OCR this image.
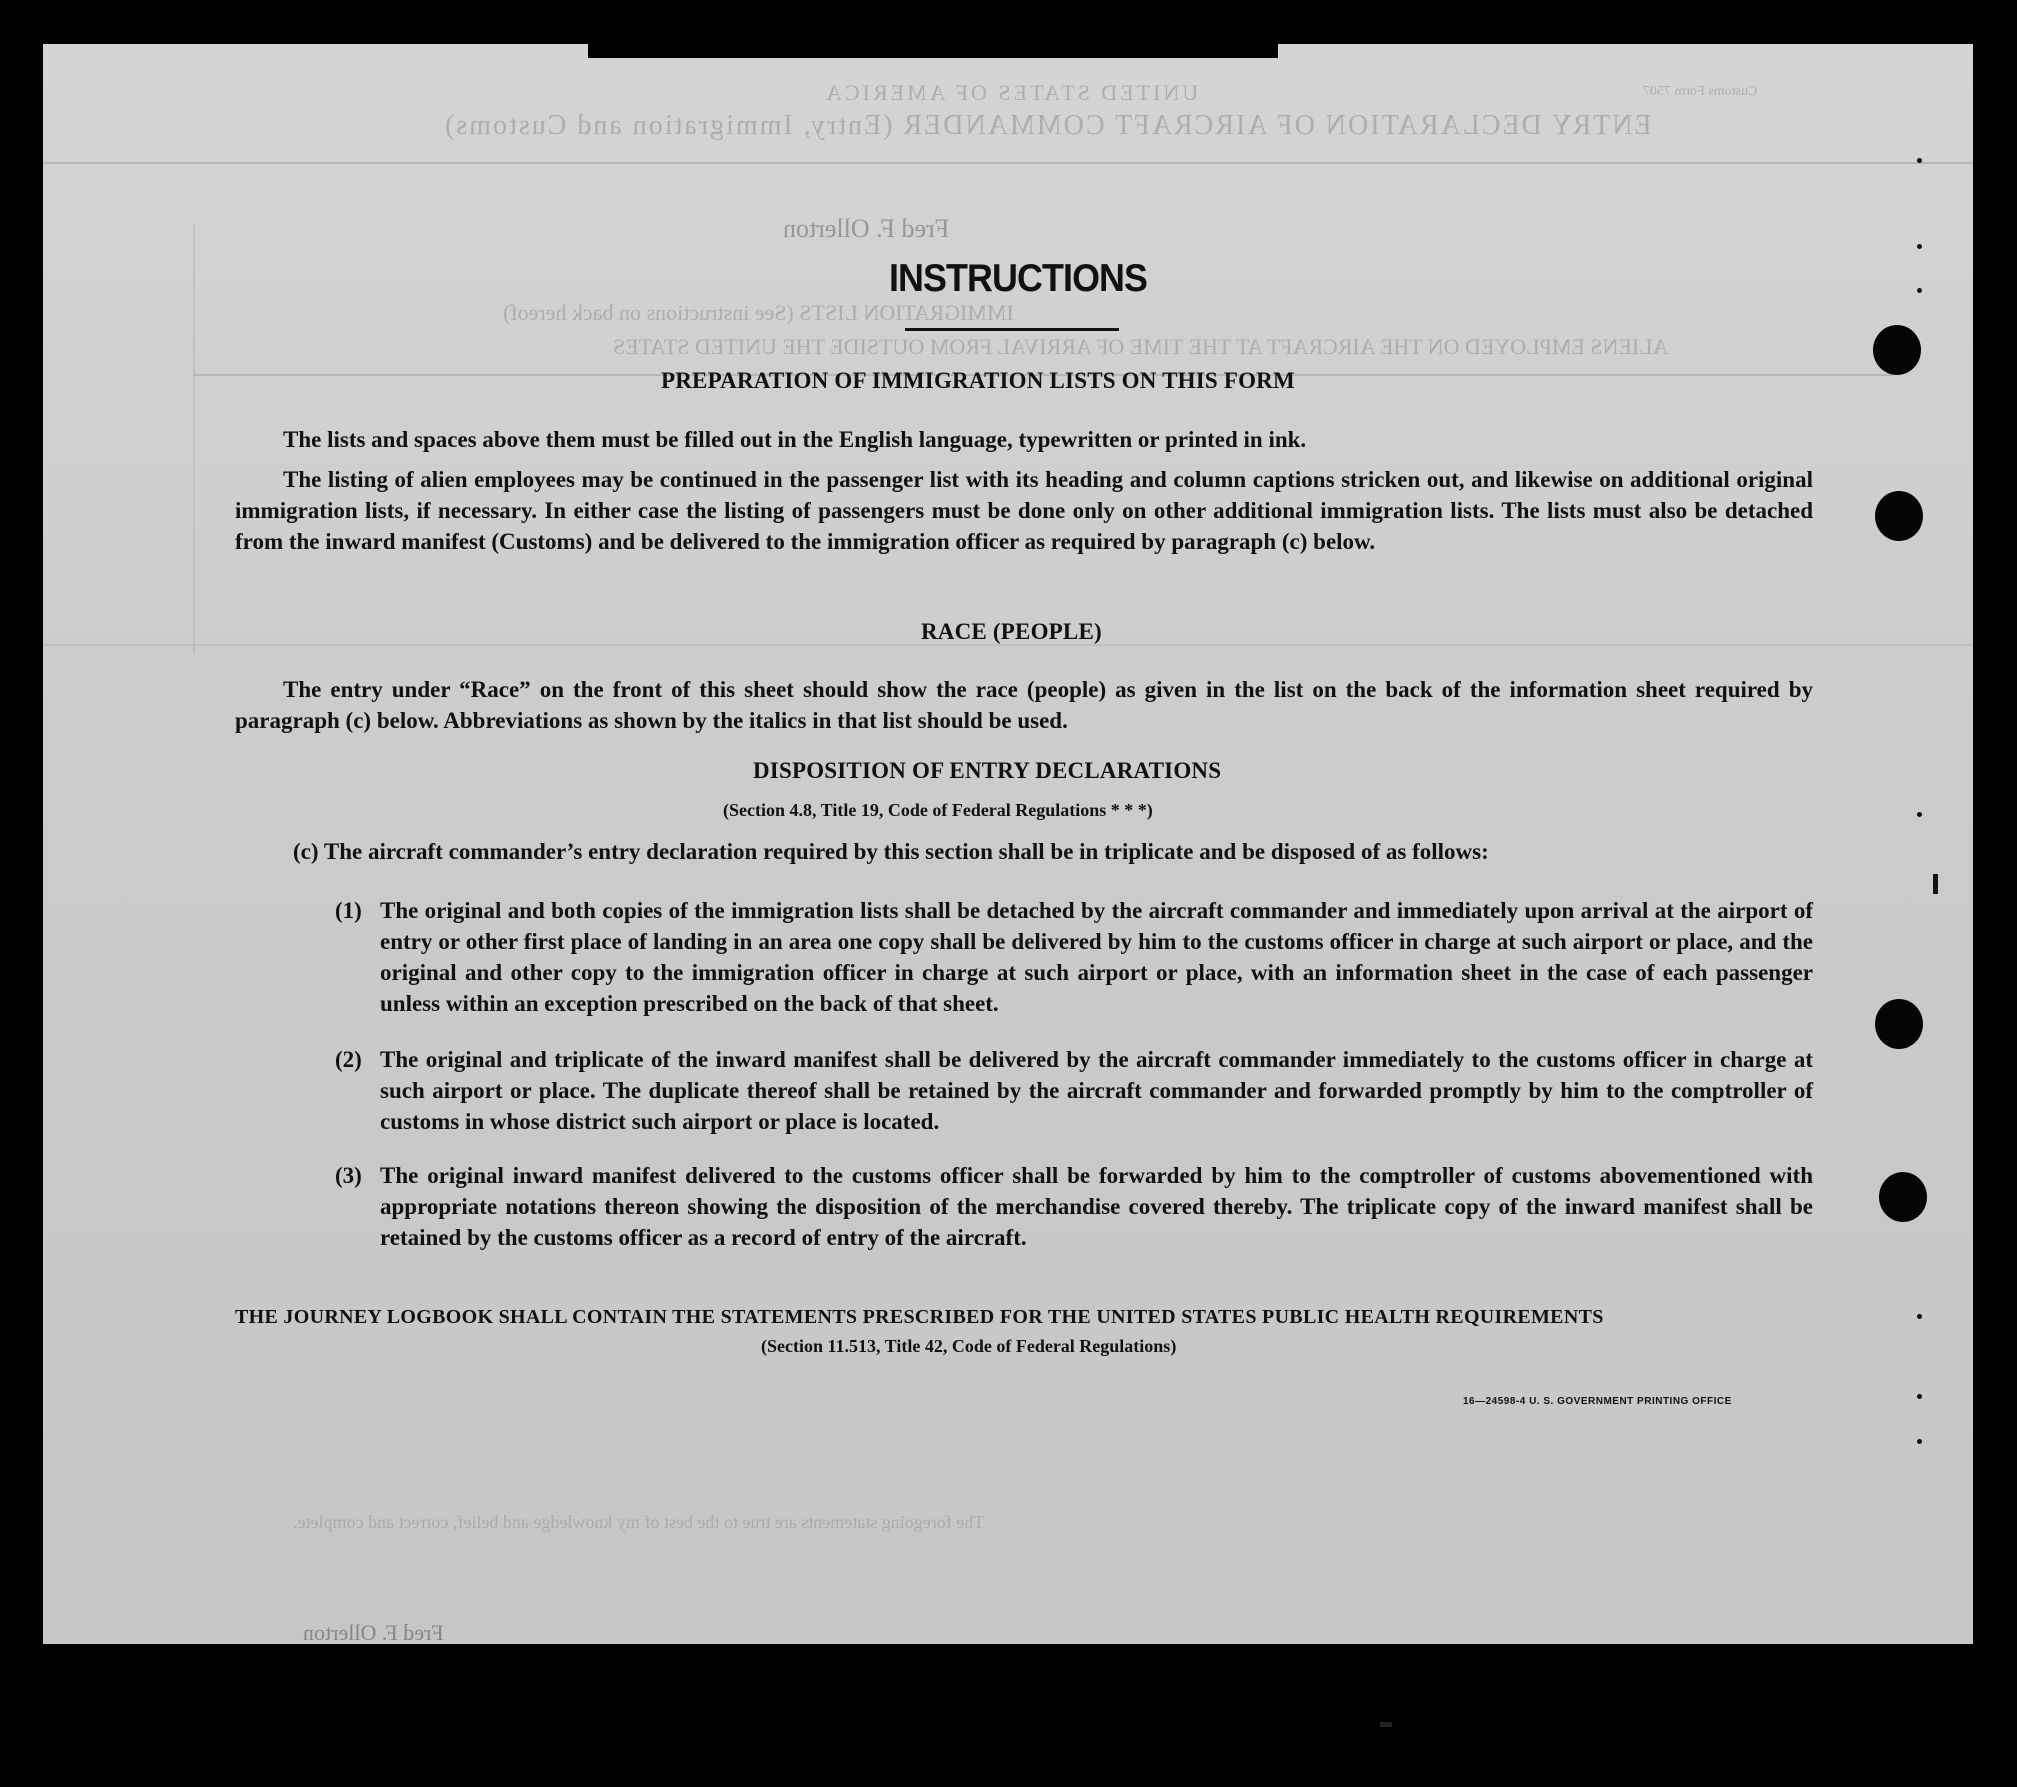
UNITED STATES OF AMERICA
ENTRY DECLARATION OF AIRCRAFT COMMANDER (Entry, Immigration and Customs)
Customs Form 7507
Fred F. Ollerton
IMMIGRATION LISTS (See instructions on back hereof)
ALIENS EMPLOYED ON THE AIRCRAFT AT THE TIME OF ARRIVAL FROM OUTSIDE THE UNITED STATES
The foregoing statements are true to the best of my knowledge and belief, correct and complete.
Fred F. Ollerton
INSTRUCTIONS
PREPARATION OF IMMIGRATION LISTS ON THIS FORM
The lists and spaces above them must be filled out in the English language, typewritten or printed in ink.
The listing of alien employees may be continued in the passenger list with its heading and column captions stricken out, and likewise on additional original immigration lists, if necessary. In either case the listing of passengers must be done only on other additional immigration lists. The lists must also be detached from the inward manifest (Customs) and be delivered to the immigration officer as required by paragraph (c) below.
RACE (PEOPLE)
The entry under “Race” on the front of this sheet should show the race (people) as given in the list on the back of the information sheet required by paragraph (c) below. Abbreviations as shown by the italics in that list should be used.
DISPOSITION OF ENTRY DECLARATIONS
(Section 4.8, Title 19, Code of Federal Regulations * * *)
(c) The aircraft commander’s entry declaration required by this section shall be in triplicate and be disposed of as follows:
(1) The original and both copies of the immigration lists shall be detached by the aircraft commander and immediately upon arrival at the airport of entry or other first place of landing in an area one copy shall be delivered by him to the customs officer in charge at such airport or place, and the original and other copy to the immigration officer in charge at such airport or place, with an information sheet in the case of each passenger unless within an exception prescribed on the back of that sheet.
(2) The original and triplicate of the inward manifest shall be delivered by the aircraft commander immediately to the customs officer in charge at such airport or place. The duplicate thereof shall be retained by the aircraft commander and forwarded promptly by him to the comptroller of customs in whose district such airport or place is located.
(3) The original inward manifest delivered to the customs officer shall be forwarded by him to the comptroller of customs abovementioned with appropriate notations thereon showing the disposition of the merchandise covered thereby. The triplicate copy of the inward manifest shall be retained by the customs officer as a record of entry of the aircraft.
THE JOURNEY LOGBOOK SHALL CONTAIN THE STATEMENTS PRESCRIBED FOR THE UNITED STATES PUBLIC HEALTH REQUIREMENTS
(Section 11.513, Title 42, Code of Federal Regulations)
16—24598-4 U. S. GOVERNMENT PRINTING OFFICE
